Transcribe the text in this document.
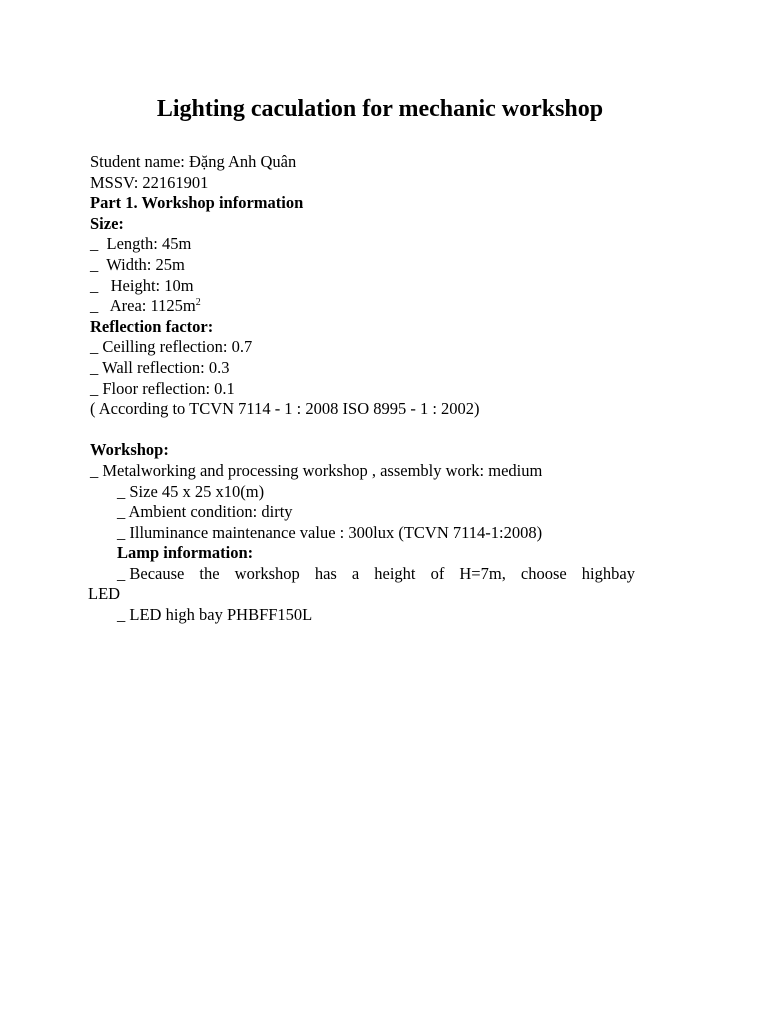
Lighting caculation for mechanic workshop
Student name: Đặng Anh Quân
MSSV: 22161901
Part 1. Workshop information
Size:
_  Length: 45m
_  Width: 25m
_   Height: 10m
_   Area: $1125m^2$
Reflection factor:
_ Ceilling reflection: 0.7
_ Wall reflection: 0.3
_ Floor reflection: 0.1
( According to TCVN 7114 - 1 : 2008 ISO 8995 - 1 : 2002)
Workshop:
_ Metalworking and processing workshop , assembly work: medium
_ Size 45 x 25 x10(m)
_ Ambient condition: dirty
_ Illuminance maintenance value : 300lux (TCVN 7114-1:2008)
Lamp information:
_ Because the workshop has a height of H=7m, choose highbay
LED
_ LED high bay PHBFF150L
